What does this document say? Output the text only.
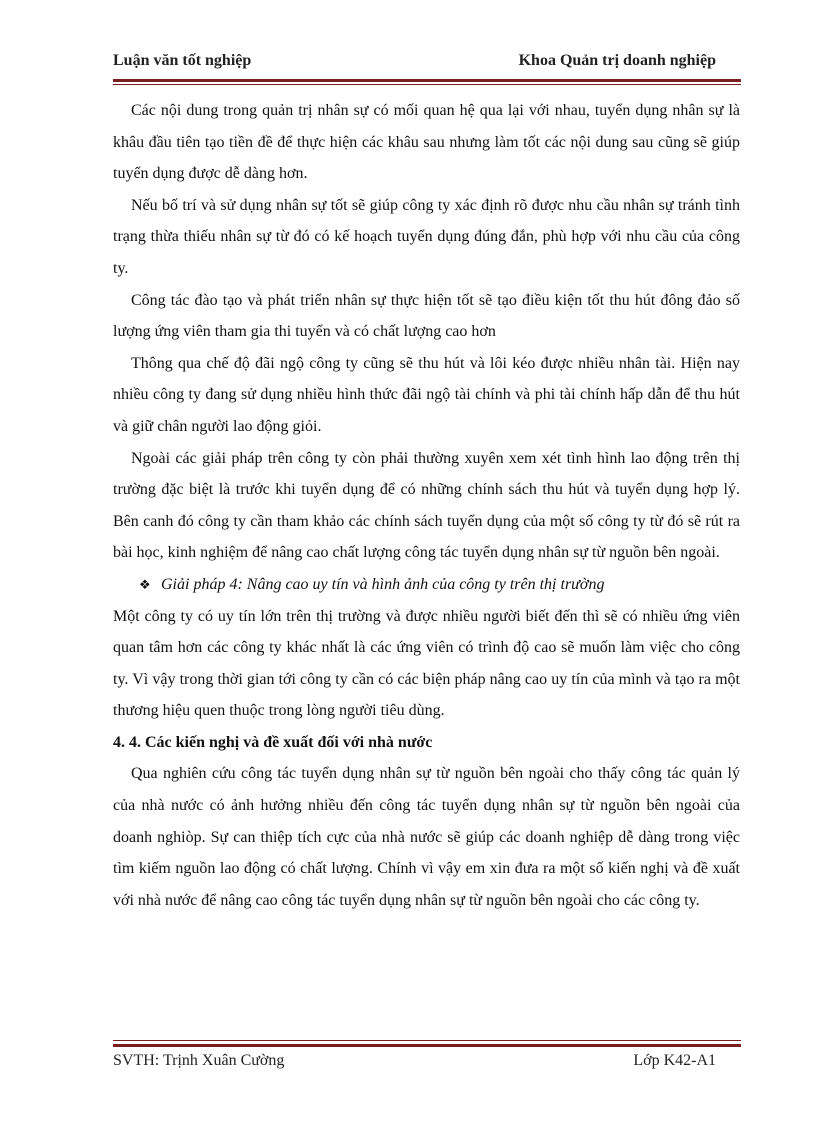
Luận văn tốt nghiệp	Khoa Quản trị doanh nghiệp

Các nội dung trong quản trị nhân sự có mối quan hệ qua lại với nhau, tuyển dụng nhân sự là khâu đầu tiên tạo tiền đề để thực hiện các khâu sau nhưng làm tốt các nội dung sau cũng sẽ giúp tuyển dụng được dễ dàng hơn.

Nếu bố trí và sử dụng nhân sự tốt sẽ giúp công ty xác định rõ được nhu cầu nhân sự tránh tình trạng thừa thiếu nhân sự từ đó có kế hoạch tuyển dụng đúng đắn, phù hợp với nhu cầu của công ty.

Công tác đào tạo và phát triển nhân sự thực hiện tốt sẽ tạo điều kiện tốt thu hút đông đảo số lượng ứng viên tham gia thi tuyển và có chất lượng cao hơn

Thông qua chế độ đãi ngộ công ty cũng sẽ thu hút và lôi kéo được nhiều nhân tài. Hiện nay nhiều công ty đang sử dụng nhiều hình thức đãi ngộ tài chính và phi tài chính hấp dẫn để thu hút và giữ chân người lao động giỏi.

Ngoài các giải pháp trên công ty còn phải thường xuyên xem xét tình hình lao động trên thị trường đặc biệt là trước khi tuyển dụng để có những chính sách thu hút và tuyển dụng hợp lý. Bên canh đó công ty cần tham khảo các chính sách tuyển dụng của một số công ty từ đó sẽ rút ra bài học, kinh nghiệm để nâng cao chất lượng công tác tuyển dụng nhân sự từ nguồn bên ngoài.

❖ Giải pháp 4: Nâng cao uy tín và hình ảnh của công ty trên thị trường

Một công ty có uy tín lớn trên thị trường và được nhiều người biết đến thì sẽ có nhiều ứng viên quan tâm hơn các công ty khác nhất là các ứng viên có trình độ cao sẽ muốn làm việc cho công ty. Vì vậy trong thời gian tới công ty cần có các biện pháp nâng cao uy tín của mình và tạo ra một thương hiệu quen thuộc trong lòng người tiêu dùng.

4. 4. Các kiến nghị và đề xuất đối với nhà nước

Qua nghiên cứu công tác tuyển dụng nhân sự từ nguồn bên ngoài cho thấy công tác quản lý của nhà nước có ảnh hưởng nhiều đến công tác tuyển dụng nhân sự từ nguồn bên ngoài của doanh nghiòp. Sự can thiệp tích cực của nhà nước sẽ giúp các doanh nghiệp dễ dàng trong việc tìm kiếm nguồn lao động có chất lượng. Chính vì vậy em xin đưa ra một số kiến nghị và đề xuất với nhà nước để nâng cao công tác tuyển dụng nhân sự từ nguồn bên ngoài cho các công ty.

SVTH: Trịnh Xuân Cường	Lớp K42-A1
